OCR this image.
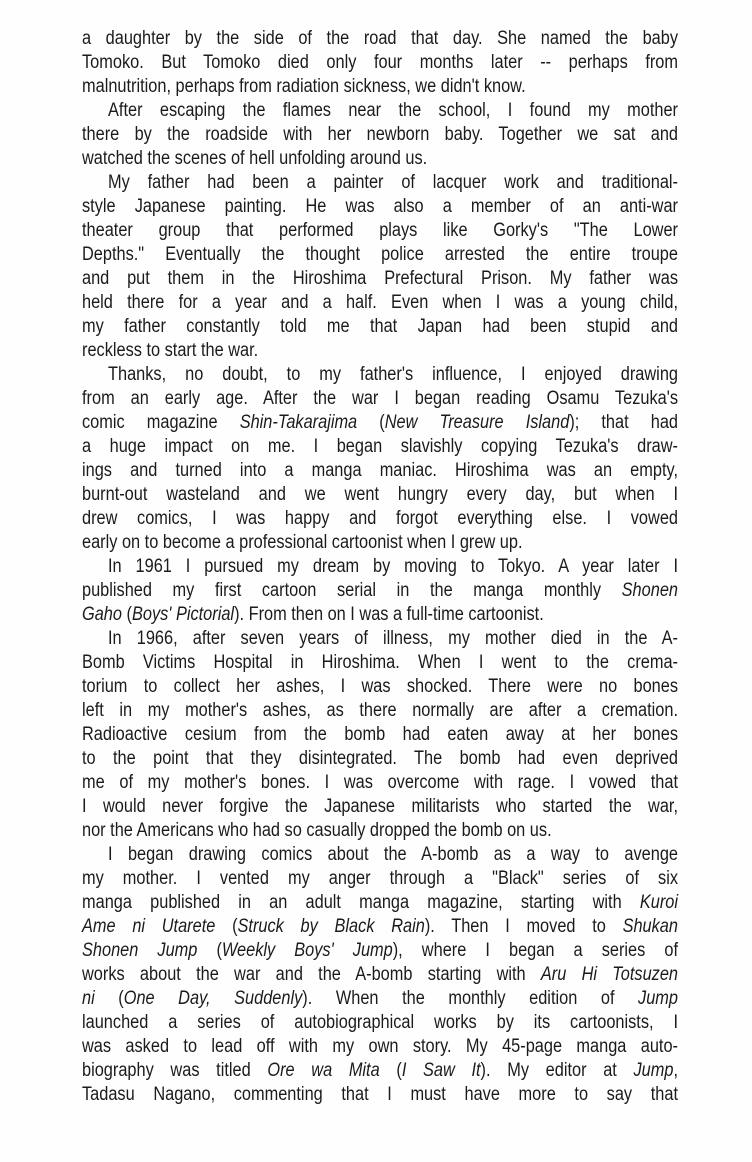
a daughter by the side of the road that day. She named the baby
Tomoko. But Tomoko died only four months later -- perhaps from
malnutrition, perhaps from radiation sickness, we didn't know.
After escaping the flames near the school, I found my mother
there by the roadside with her newborn baby. Together we sat and
watched the scenes of hell unfolding around us.
My father had been a painter of lacquer work and traditional-
style Japanese painting. He was also a member of an anti-war
theater group that performed plays like Gorky's "The Lower
Depths." Eventually the thought police arrested the entire troupe
and put them in the Hiroshima Prefectural Prison. My father was
held there for a year and a half. Even when I was a young child,
my father constantly told me that Japan had been stupid and
reckless to start the war.
Thanks, no doubt, to my father's influence, I enjoyed drawing
from an early age. After the war I began reading Osamu Tezuka's
comic magazine Shin-Takarajima (New Treasure Island); that had
a huge impact on me. I began slavishly copying Tezuka's draw-
ings and turned into a manga maniac. Hiroshima was an empty,
burnt-out wasteland and we went hungry every day, but when I
drew comics, I was happy and forgot everything else. I vowed
early on to become a professional cartoonist when I grew up.
In 1961 I pursued my dream by moving to Tokyo. A year later I
published my first cartoon serial in the manga monthly Shonen
Gaho (Boys' Pictorial). From then on I was a full-time cartoonist.
In 1966, after seven years of illness, my mother died in the A-
Bomb Victims Hospital in Hiroshima. When I went to the crema-
torium to collect her ashes, I was shocked. There were no bones
left in my mother's ashes, as there normally are after a cremation.
Radioactive cesium from the bomb had eaten away at her bones
to the point that they disintegrated. The bomb had even deprived
me of my mother's bones. I was overcome with rage. I vowed that
I would never forgive the Japanese militarists who started the war,
nor the Americans who had so casually dropped the bomb on us.
I began drawing comics about the A-bomb as a way to avenge
my mother. I vented my anger through a "Black" series of six
manga published in an adult manga magazine, starting with Kuroi
Ame ni Utarete (Struck by Black Rain). Then I moved to Shukan
Shonen Jump (Weekly Boys' Jump), where I began a series of
works about the war and the A-bomb starting with Aru Hi Totsuzen
ni (One Day, Suddenly). When the monthly edition of Jump
launched a series of autobiographical works by its cartoonists, I
was asked to lead off with my own story. My 45-page manga auto-
biography was titled Ore wa Mita (I Saw It). My editor at Jump,
Tadasu Nagano, commenting that I must have more to say that
